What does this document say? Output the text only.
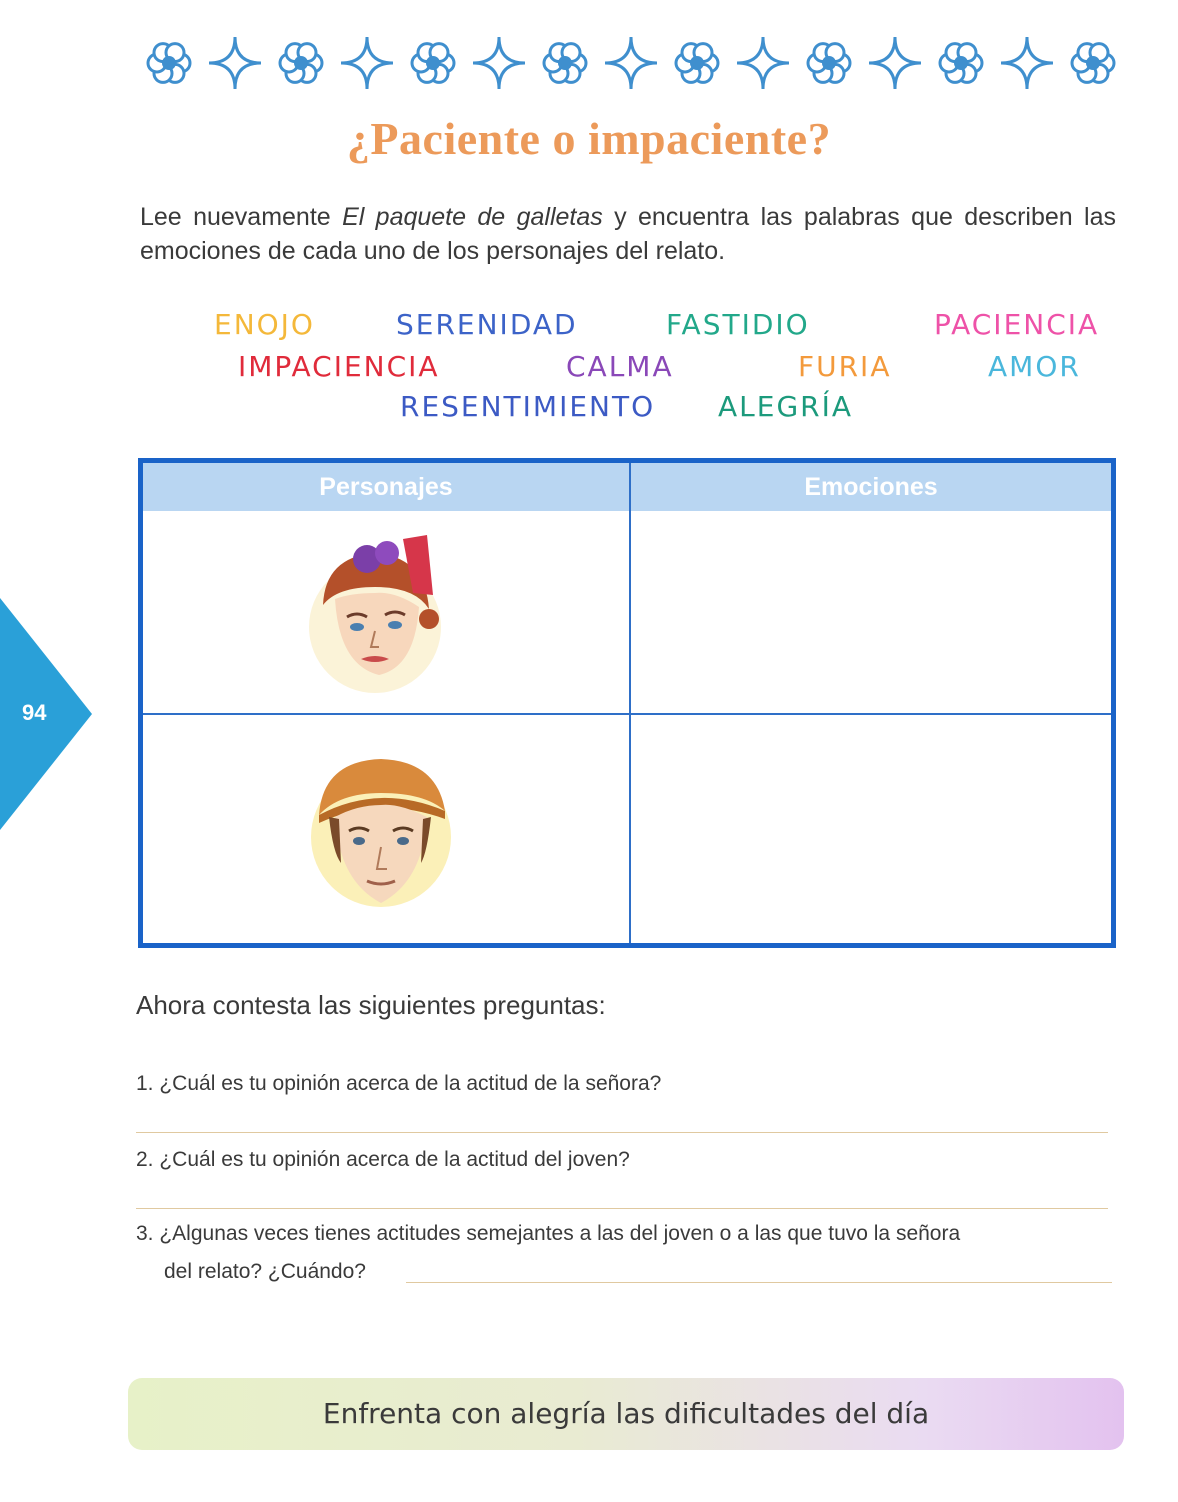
¿Paciente o impaciente?
Lee nuevamente El paquete de galletas y encuentra las palabras que describen las emociones de cada uno de los personajes del relato.
ENOJO	SERENIDAD	FASTIDIO	PACIENCIA
IMPACIENCIA	CALMA	FURIA	AMOR
RESENTIMIENTO ALEGRÍA
94
Personajes	Emociones
Ahora contesta las siguientes preguntas:
1. ¿Cuál es tu opinión acerca de la actitud de la señora?
2. ¿Cuál es tu opinión acerca de la actitud del joven?
3. ¿Algunas veces tienes actitudes semejantes a las del joven o a las que tuvo la señora
del relato? ¿Cuándo?
Enfrenta con alegría las dificultades del día
